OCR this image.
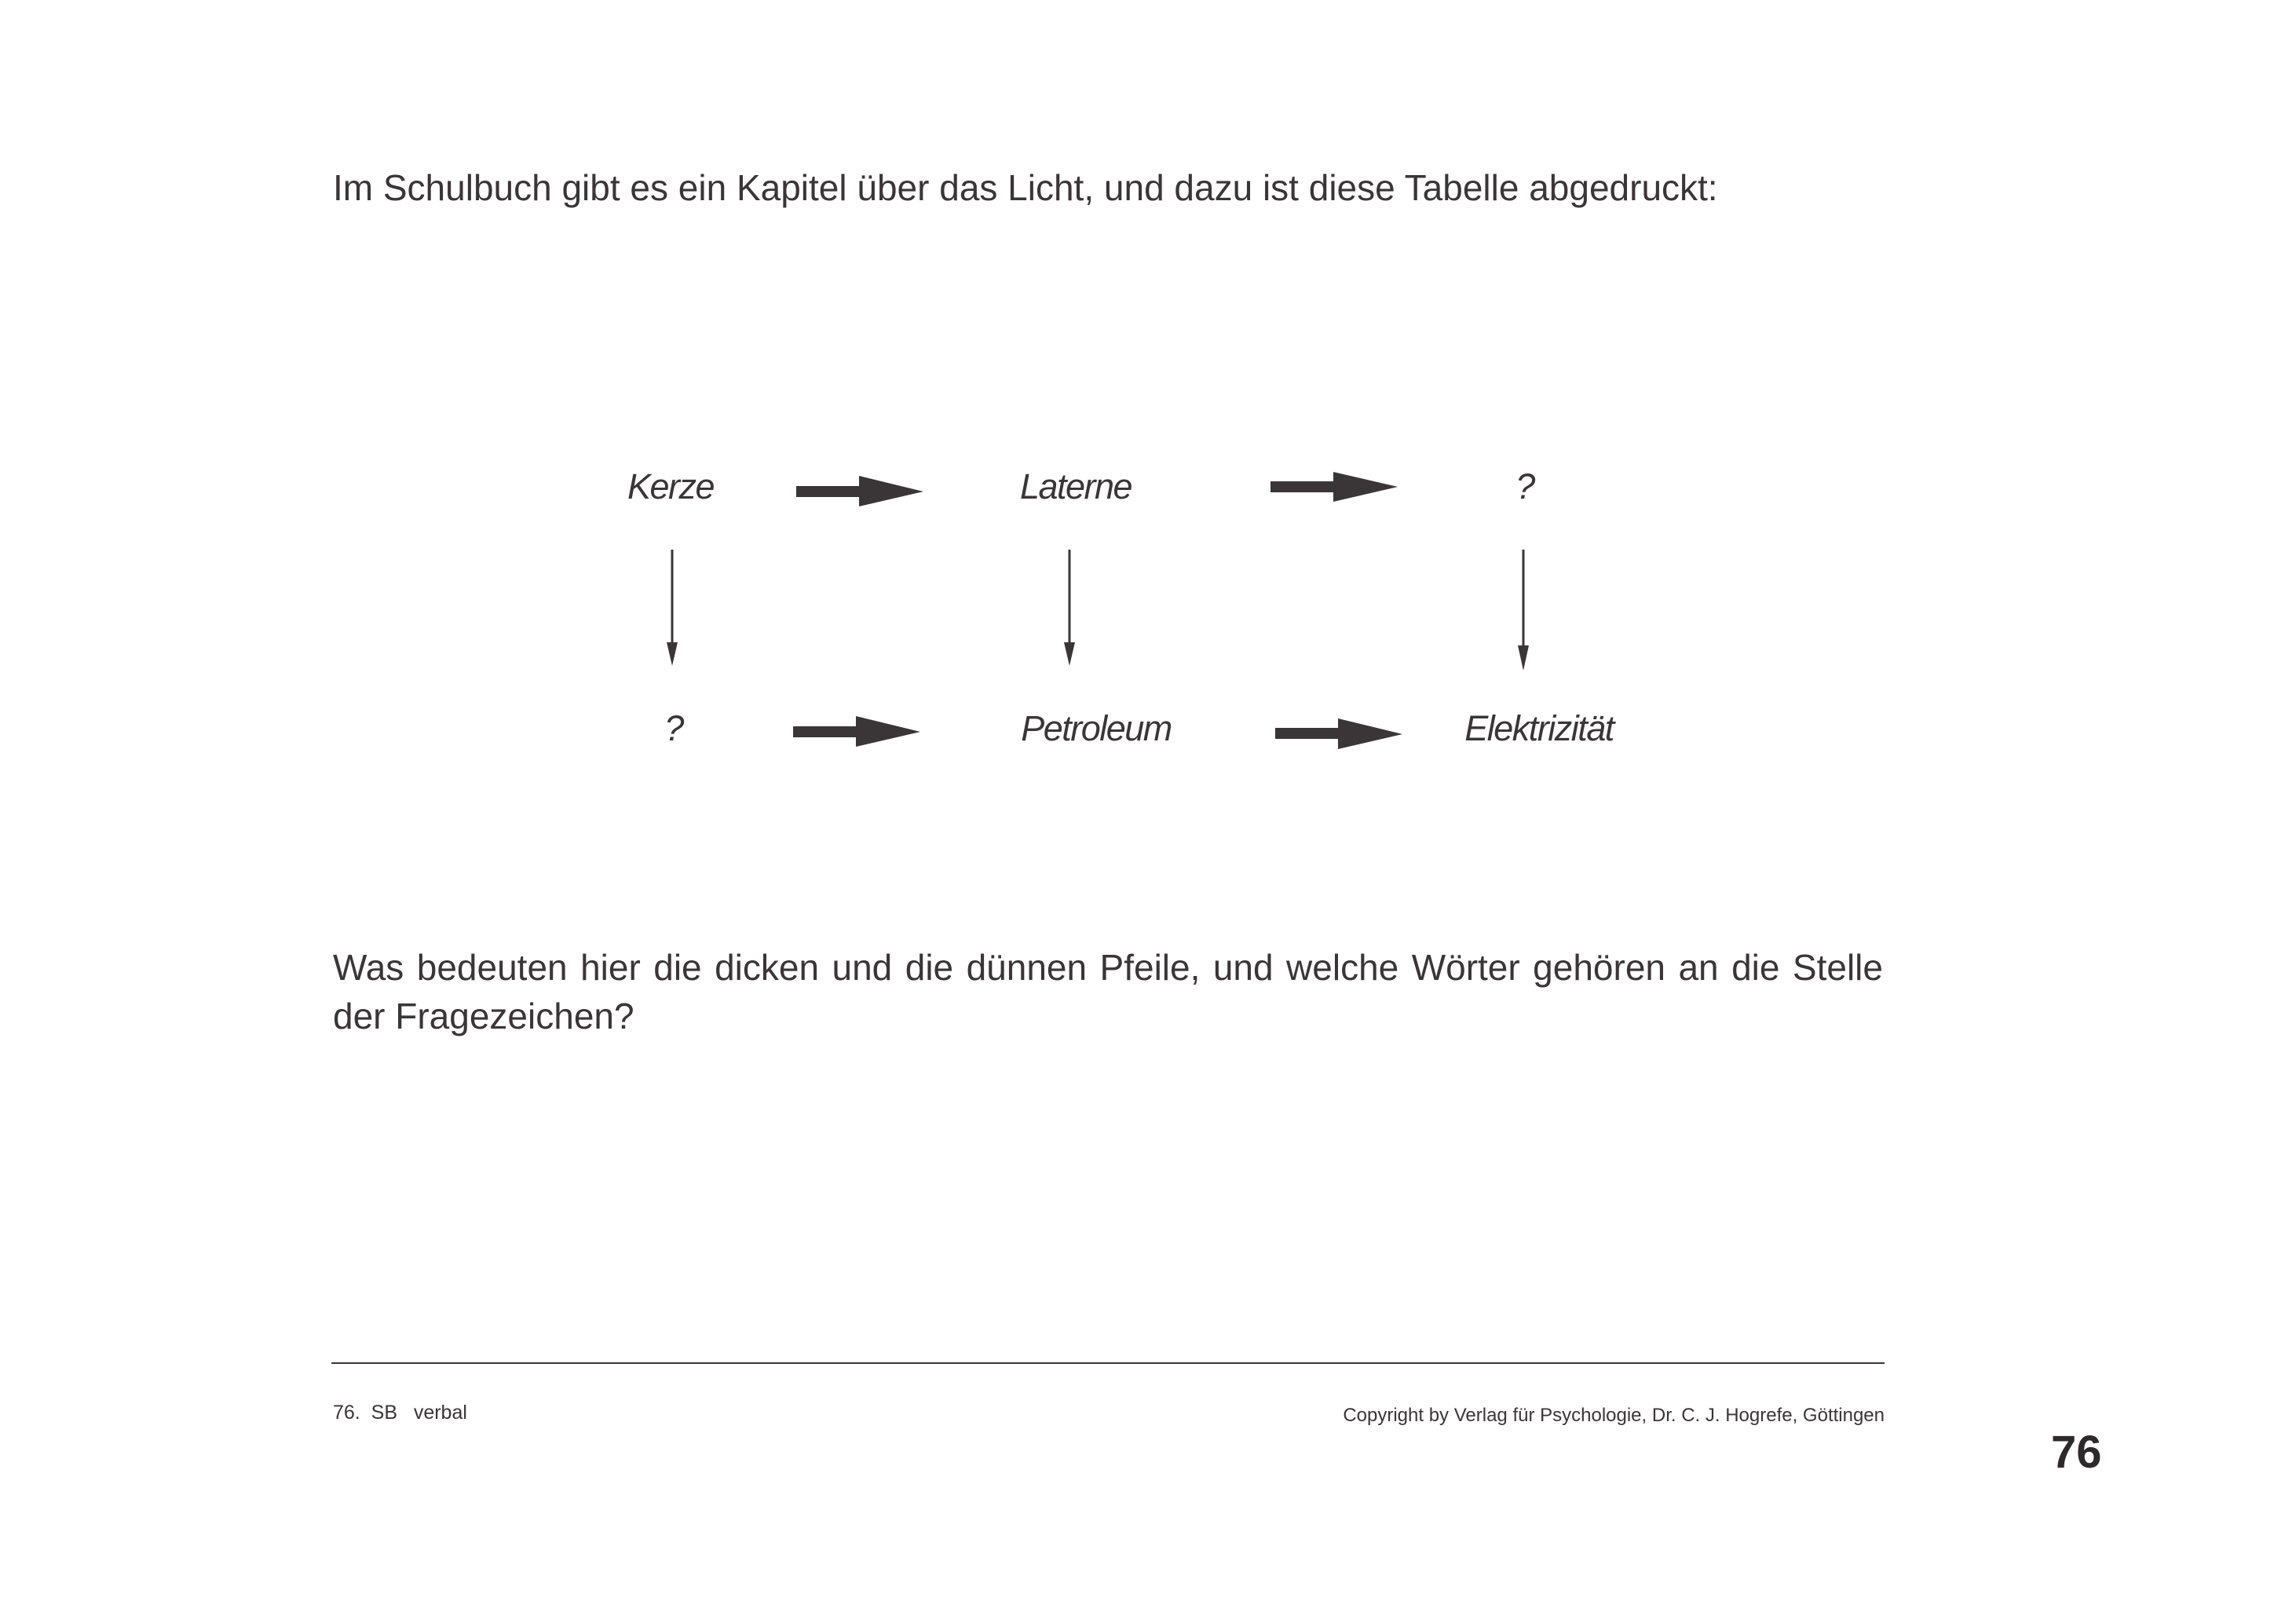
Im Schulbuch gibt es ein Kapitel über das Licht, und dazu ist diese Tabelle abgedruckt:
Kerze	Laterne	?
?	Petroleum	Elektrizität
Was bedeuten hier die dicken und die dünnen Pfeile, und welche Wörter gehören an die Stelle der Fragezeichen?
76.  SB   verbal	Copyright by Verlag für Psychologie, Dr. C. J. Hogrefe, Göttingen
76
